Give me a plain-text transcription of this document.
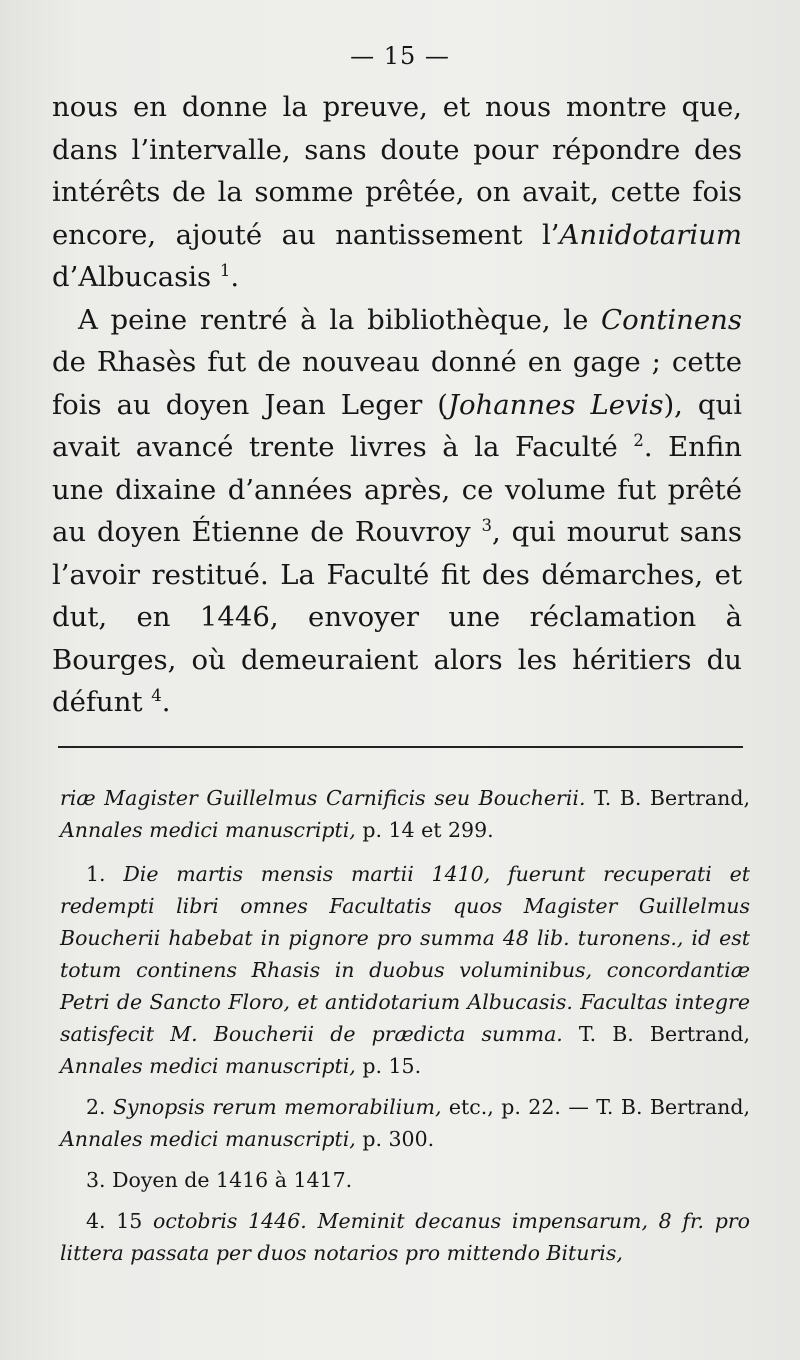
— 15 —

nous en donne la preuve, et nous montre que, dans l’intervalle, sans doute pour répondre des intérêts de la somme prêtée, on avait, cette fois encore, ajouté au nantissement l’Anıidotarium d’Albucasis $^1$.

A peine rentré à la bibliothèque, le Continens de Rhasès fut de nouveau donné en gage ; cette fois au doyen Jean Leger (Johannes Levis), qui avait avancé trente livres à la Faculté $^2$. Enfin une dixaine d’années après, ce volume fut prêté au doyen Étienne de Rouvroy $^3$, qui mourut sans l’avoir restitué. La Faculté fit des démarches, et dut, en 1446, envoyer une réclamation à Bourges, où demeuraient alors les héritiers du défunt $^4$.

riæ Magister Guillelmus Carnificis seu Boucherii. T. B. Bertrand, Annales medici manuscripti, p. 14 et 299.

1. Die martis mensis martii 1410, fuerunt recuperati et redempti libri omnes Facultatis quos Magister Guillelmus Boucherii habebat in pignore pro summa 48 lib. turonens., id est totum continens Rhasis in duobus voluminibus, concordantiæ Petri de Sancto Floro, et antidotarium Albucasis. Facultas integre satisfecit M. Boucherii de prædicta summa. T. B. Bertrand, Annales medici manuscripti, p. 15.

2. Synopsis rerum memorabilium, etc., p. 22. — T. B. Bertrand, Annales medici manuscripti, p. 300.

3. Doyen de 1416 à 1417.

4. 15 octobris 1446. Meminit decanus impensarum, 8 fr. pro littera passata per duos notarios pro mittendo Bituris,
